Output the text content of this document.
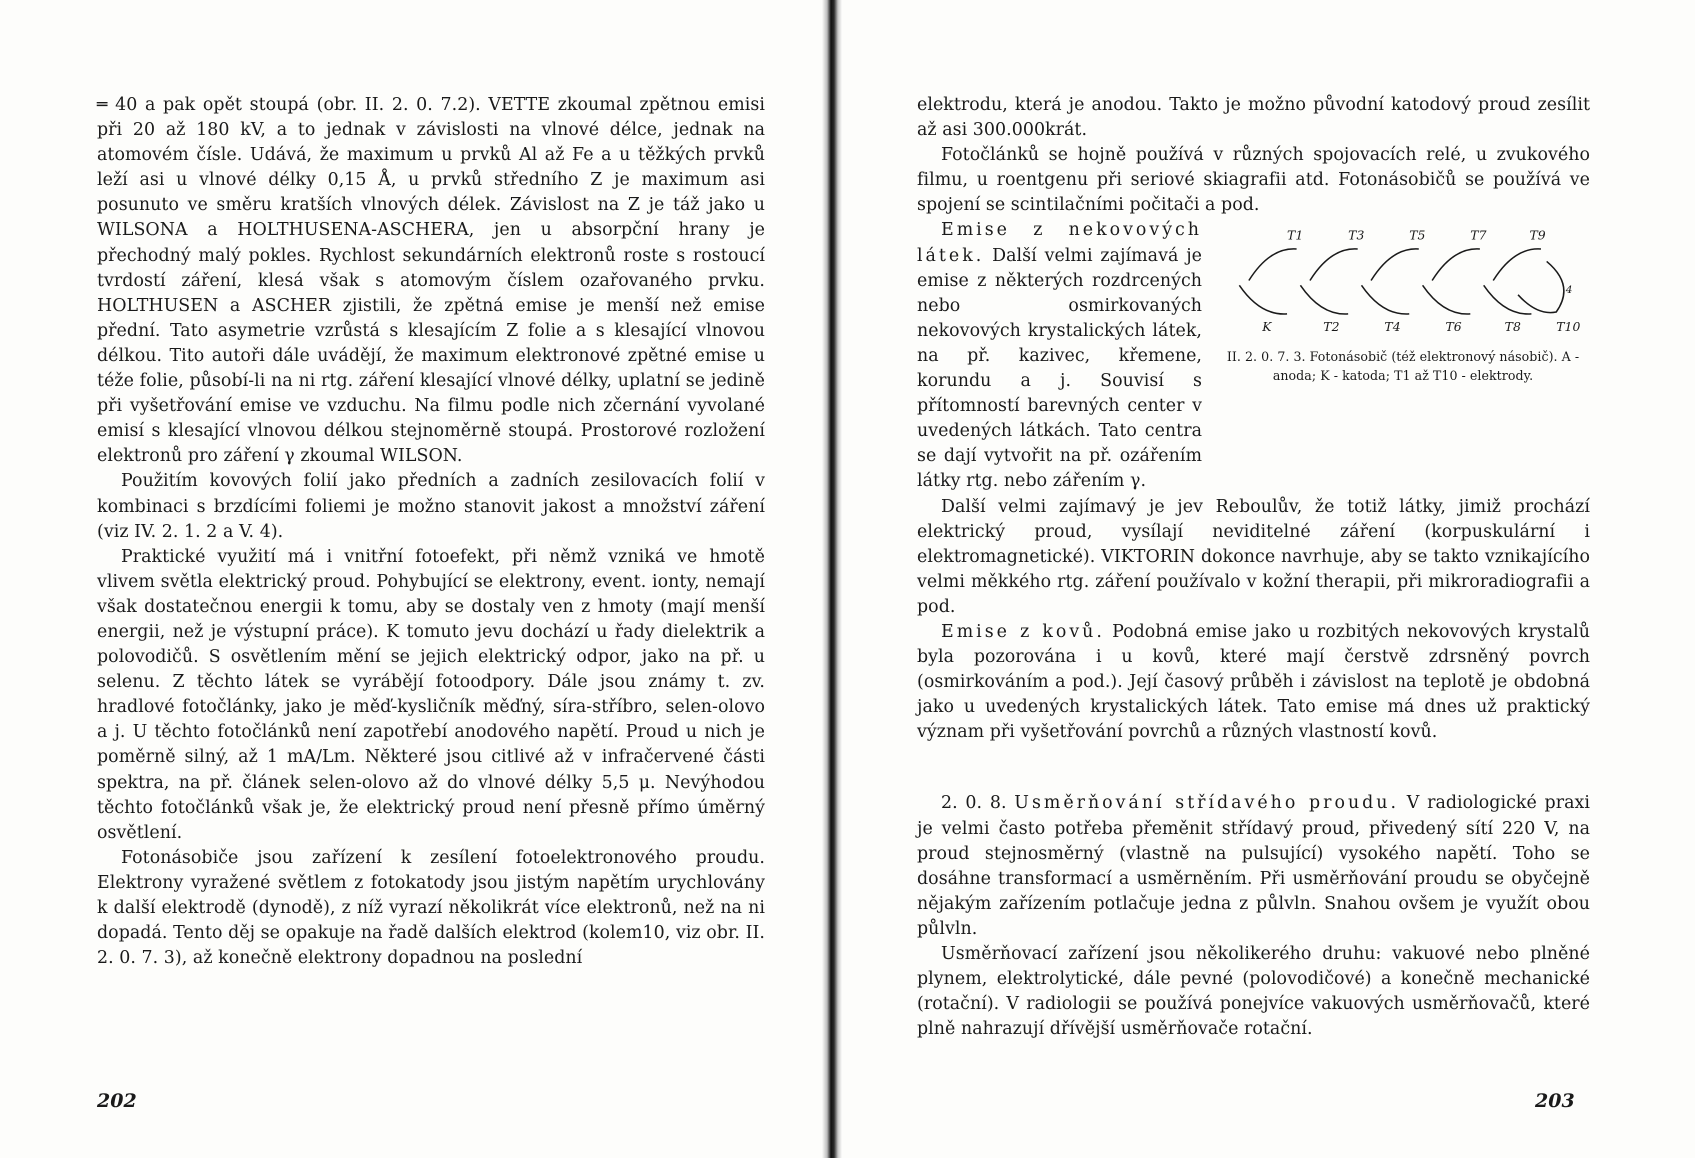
═ 40 a pak opět stoupá (obr. II. 2. 0. 7.2). VETTE zkoumal zpětnou emisi při 20 až 180 kV, a to jednak v závislosti na vlnové délce, jednak na atomovém čísle. Udává, že maximum u prvků Al až Fe a u těžkých prvků leží asi u vlnové délky 0,15 Å, u prvků středního Z je maximum asi posunuto ve směru kratších vlnových délek. Závislost na Z je táž jako u WILSONA a HOLTHUSENA-ASCHERA, jen u absorpční hrany je přechodný malý pokles. Rychlost sekundárních elektronů roste s rostoucí tvrdostí záření, klesá však s atomovým číslem ozařovaného prvku. HOLTHUSEN a ASCHER zjistili, že zpětná emise je menší než emise přední. Tato asymetrie vzrůstá s klesajícím Z folie a s klesající vlnovou délkou. Tito autoři dále uvádějí, že maximum elektronové zpětné emise u téže folie, působí-li na ni rtg. záření klesající vlnové délky, uplatní se jedině při vyšetřování emise ve vzduchu. Na filmu podle nich zčernání vyvolané emisí s klesající vlnovou délkou stejnoměrně stoupá. Prostorové rozložení elektronů pro záření γ zkoumal WILSON.

Použitím kovových folií jako předních a zadních zesilovacích folií v kombinaci s brzdícími foliemi je možno stanovit jakost a množství záření (viz IV. 2. 1. 2 a V. 4).

Praktické využití má i vnitřní fotoefekt, při němž vzniká ve hmotě vlivem světla elektrický proud. Pohybující se elektrony, event. ionty, nemají však dostatečnou energii k tomu, aby se dostaly ven z hmoty (mají menší energii, než je výstupní práce). K tomuto jevu dochází u řady dielektrik a polovodičů. S osvětlením mění se jejich elektrický odpor, jako na př. u selenu. Z těchto látek se vyrábějí fotoodpory. Dále jsou známy t. zv. hradlové fotočlánky, jako je měď-kysličník měďný, síra-stříbro, selen-olovo a j. U těchto fotočlánků není zapotřebí anodového napětí. Proud u nich je poměrně silný, až 1 mA/Lm. Některé jsou citlivé až v infračervené části spektra, na př. článek selen-olovo až do vlnové délky 5,5 μ. Nevýhodou těchto fotočlánků však je, že elektrický proud není přesně přímo úměrný osvětlení.

Fotonásobiče jsou zařízení k zesílení fotoelektronového proudu. Elektrony vyražené světlem z fotokatody jsou jistým napětím urychlovány k další elektrodě (dynodě), z níž vyrazí několikrát více elektronů, než na ni dopadá. Tento děj se opakuje na řadě dalších elektrod (kolem10, viz obr. II. 2. 0. 7. 3), až konečně elektrony dopadnou na poslední

202

elektrodu, která je anodou. Takto je možno původní katodový proud zesílit až asi 300.000krát.

Fotočlánků se hojně používá v různých spojovacích relé, u zvukového filmu, u roentgenu při seriové skiagrafii atd. Fotonásobičů se používá ve spojení se scintilačními počitači a pod.

Emise z nekovových látek. Další velmi zajímavá je emise z některých rozdrcených nebo osmirkovaných nekovových krystalických látek, na př. kazivec, křemene, korundu a j. Souvisí s přítomností barevných center v uvedených látkách. Tato centra se dají vytvořit na př. ozářením látky rtg. nebo zářením γ.

T1	T3	T5	T7	T9
K	T2	T4	T6	T8	T10
4
II. 2. 0. 7. 3. Fotonásobič (též elektronový násobič). A - anoda; K - katoda; T1 až T10 - elektrody.

Další velmi zajímavý je jev Reboulův, že totiž látky, jimiž prochází elektrický proud, vysílají neviditelné záření (korpuskulární i elektromagnetické). VIKTORIN dokonce navrhuje, aby se takto vznikajícího velmi měkkého rtg. záření používalo v kožní therapii, při mikroradiografii a pod.

Emise z kovů. Podobná emise jako u rozbitých nekovových krystalů byla pozorována i u kovů, které mají čerstvě zdrsněný povrch (osmirkováním a pod.). Její časový průběh i závislost na teplotě je obdobná jako u uvedených krystalických látek. Tato emise má dnes už praktický význam při vyšetřování povrchů a různých vlastností kovů.

2. 0. 8. Usměrňování střídavého proudu. V radiologické praxi je velmi často potřeba přeměnit střídavý proud, přivedený sítí 220 V, na proud stejnosměrný (vlastně na pulsující) vysokého napětí. Toho se dosáhne transformací a usměrněním. Při usměrňování proudu se obyčejně nějakým zařízením potlačuje jedna z půlvln. Snahou ovšem je využít obou půlvln.

Usměrňovací zařízení jsou několikerého druhu: vakuové nebo plněné plynem, elektrolytické, dále pevné (polovodičové) a konečně mechanické (rotační). V radiologii se používá ponejvíce vakuových usměrňovačů, které plně nahrazují dřívější usměrňovače rotační.

203
